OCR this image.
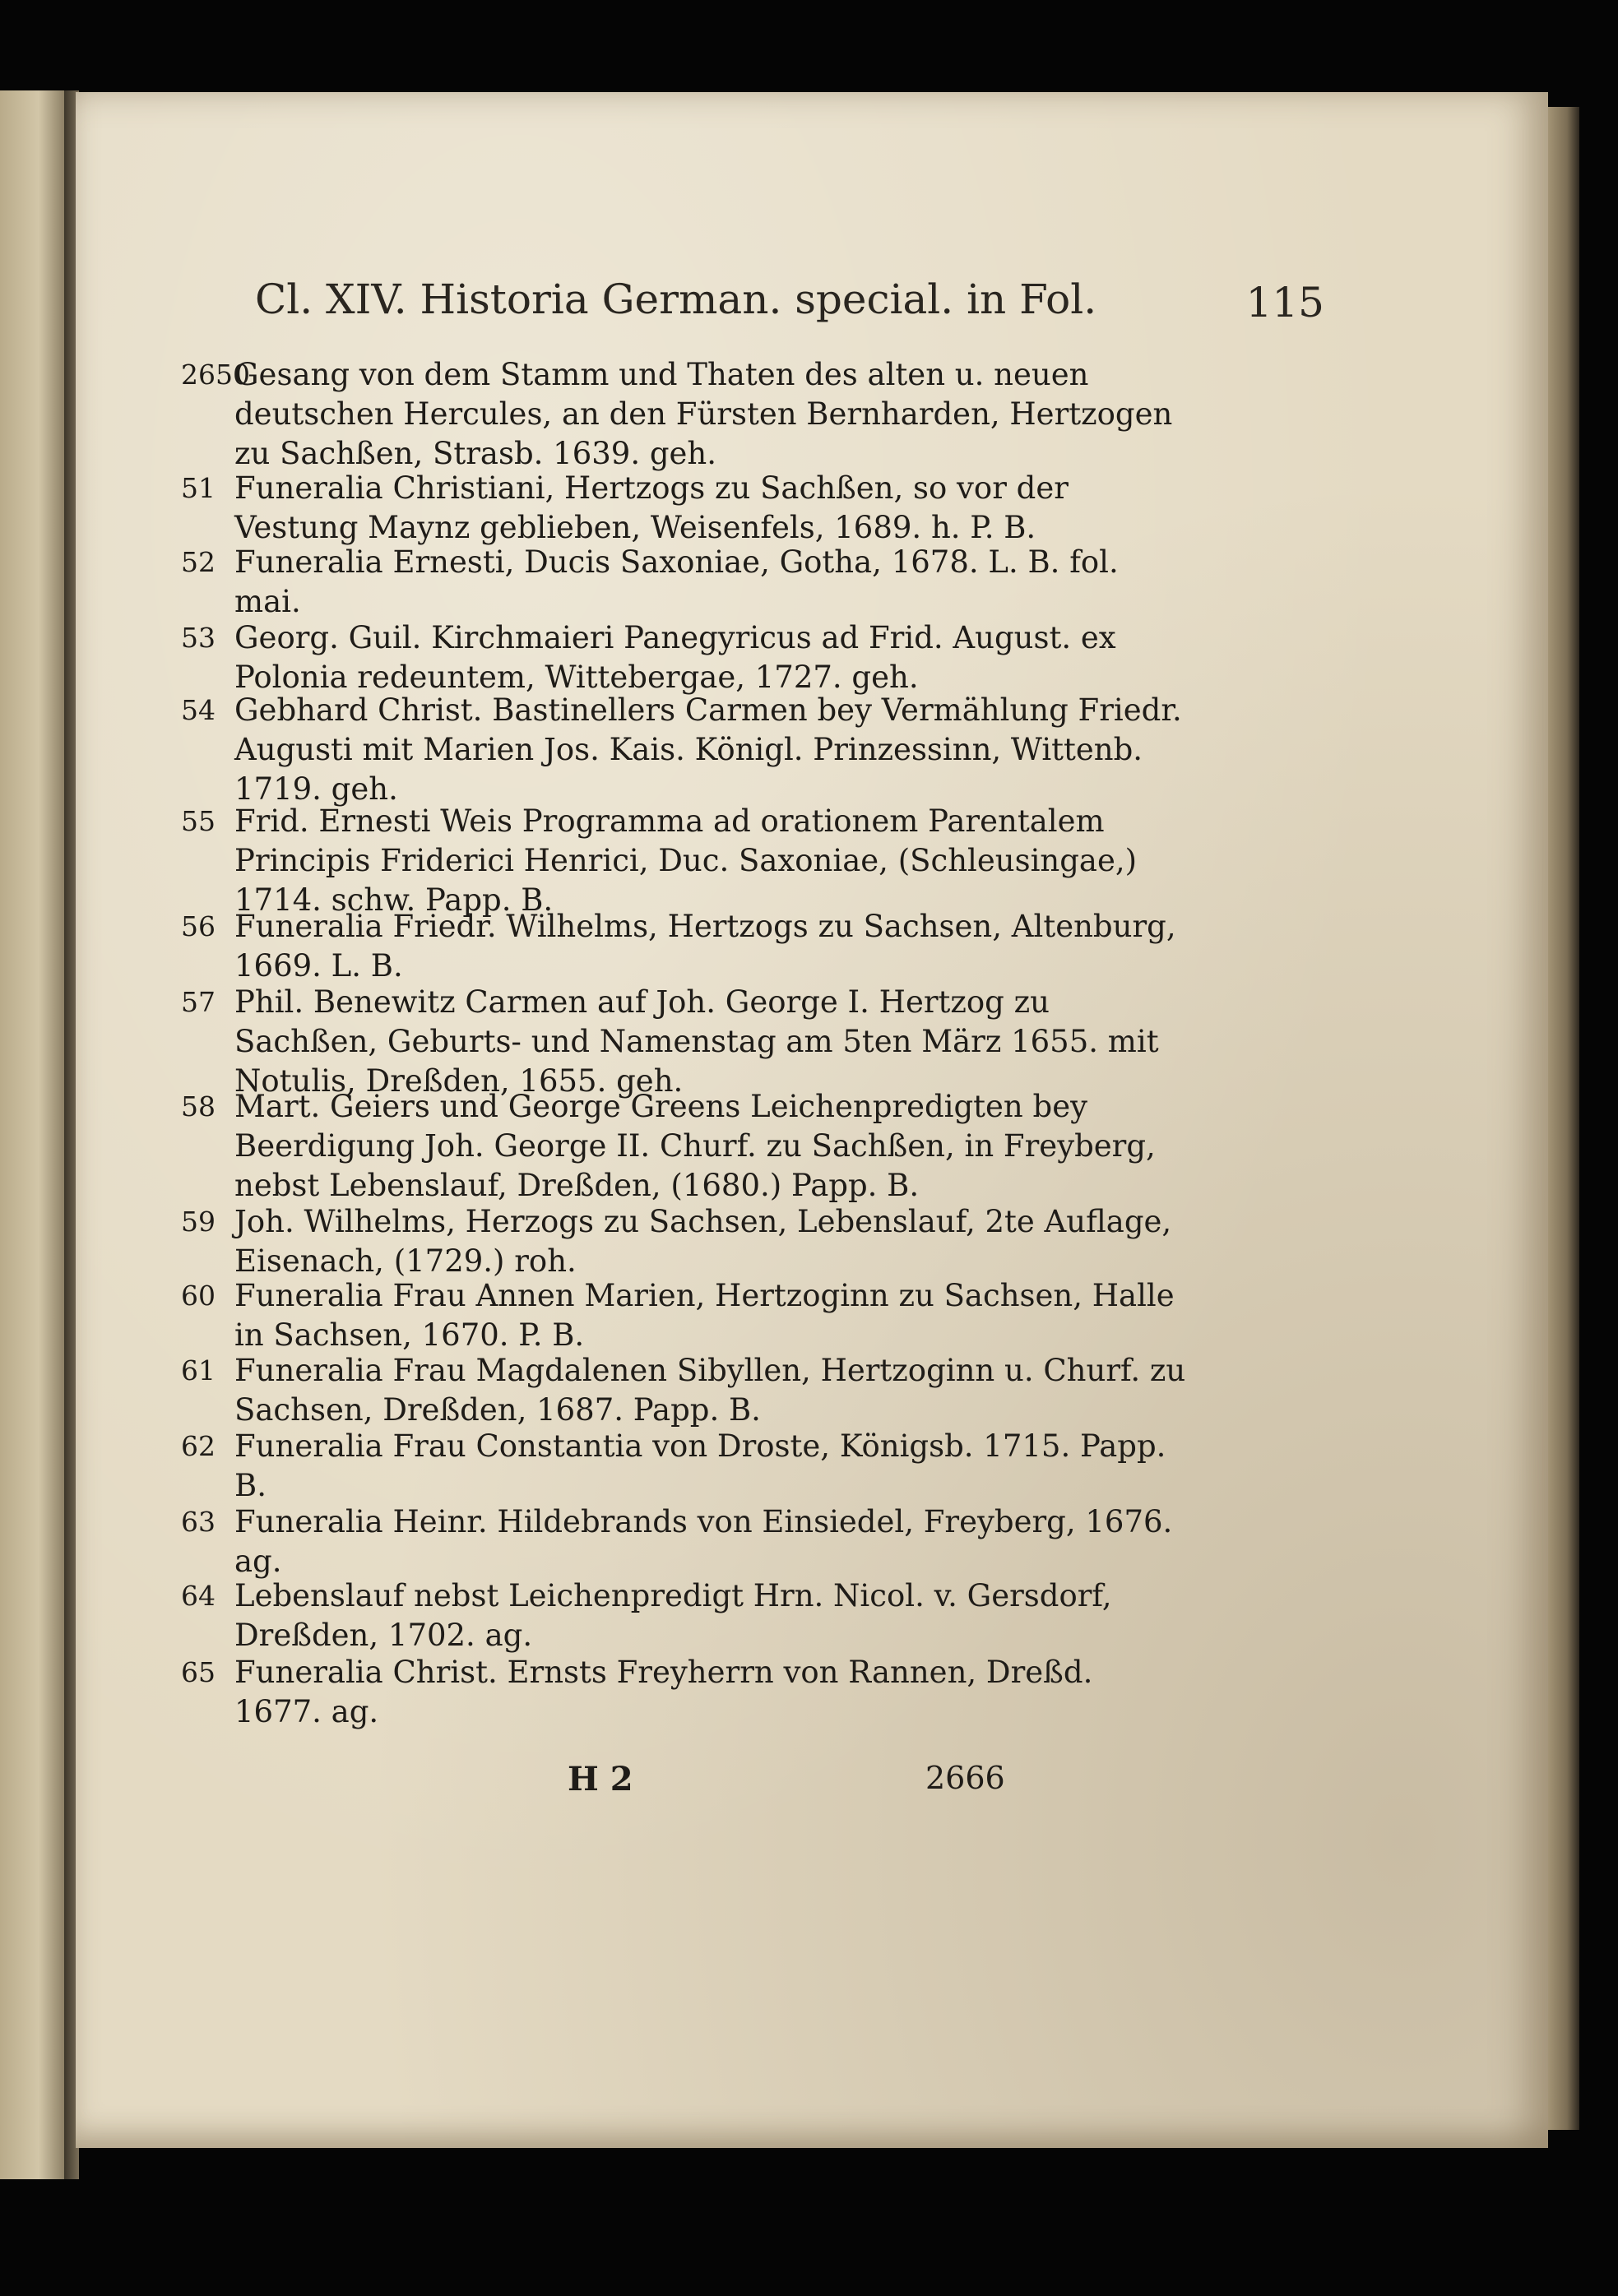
Cl. XIV. Historia German. special. in Fol.	115
2650
Gesang von dem Stamm und Thaten des alten u. neuen deutschen Hercules, an den Fürsten Bernharden, Hertzogen zu Sachßen, Strasb. 1639. geh.
51 Funeralia Christiani, Hertzogs zu Sachßen, so vor der Vestung Maynz geblieben, Weisenfels, 1689. h. P. B.
52 Funeralia Ernesti, Ducis Saxoniae, Gotha, 1678. L. B. fol. mai.
53 Georg. Guil. Kirchmaieri Panegyricus ad Frid. August. ex Polonia redeuntem, Wittebergae, 1727. geh.
54 Gebhard Christ. Bastinellers Carmen bey Vermählung Friedr. Augusti mit Marien Jos. Kais. Königl. Prinzessinn, Wittenb. 1719. geh.
55 Frid. Ernesti Weis Programma ad orationem Parentalem Principis Friderici Henrici, Duc. Saxoniae, (Schleusingae,) 1714. schw. Papp. B.
56 Funeralia Friedr. Wilhelms, Hertzogs zu Sachsen, Altenburg, 1669. L. B.
57 Phil. Benewitz Carmen auf Joh. George I. Hertzog zu Sachßen, Geburts- und Namenstag am 5ten März 1655. mit Notulis, Dreßden, 1655. geh.
58 Mart. Geiers und George Greens Leichenpredigten bey Beerdigung Joh. George II. Churf. zu Sachßen, in Freyberg, nebst Lebenslauf, Dreßden, (1680.) Papp. B.
59 Joh. Wilhelms, Herzogs zu Sachsen, Lebenslauf, 2te Auflage, Eisenach, (1729.) roh.
60 Funeralia Frau Annen Marien, Hertzoginn zu Sachsen, Halle in Sachsen, 1670. P. B.
61 Funeralia Frau Magdalenen Sibyllen, Hertzoginn u. Churf. zu Sachsen, Dreßden, 1687. Papp. B.
62 Funeralia Frau Constantia von Droste, Königsb. 1715. Papp. B.
63 Funeralia Heinr. Hildebrands von Einsiedel, Freyberg, 1676. ag.
64 Lebenslauf nebst Leichenpredigt Hrn. Nicol. v. Gersdorf, Dreßden, 1702. ag.
65 Funeralia Christ. Ernsts Freyherrn von Rannen, Dreßd. 1677. ag.
H 2	2666
